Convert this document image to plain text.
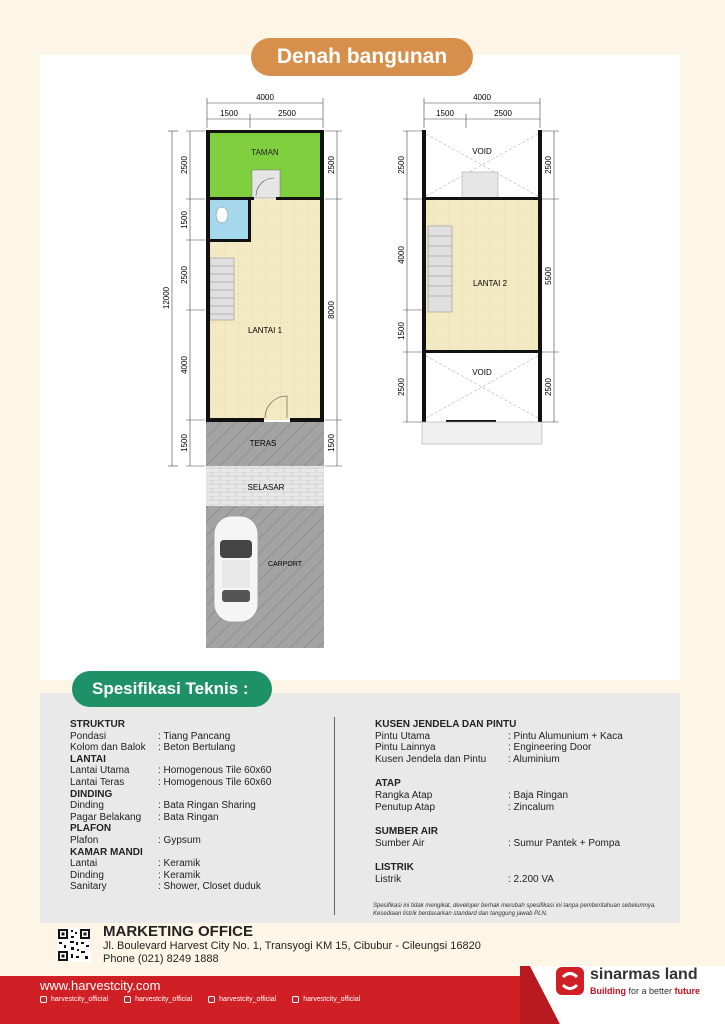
Denah bangunan
4000
1500	2500
2500
1500
2500
4000
1500
12000
2500
8000
1500
TAMAN
LANTAI 1
TERAS
SELASAR
CARPORT
4000
1500	2500
2500
4000
1500
2500
2500
5500
2500
VOID
LANTAI 2
VOID
Spesifikasi Teknis :
STRUKTUR
Pondasi	: Tiang Pancang
Kolom dan Balok	: Beton Bertulang
LANTAI
Lantai Utama	: Homogenous Tile 60x60
Lantai Teras	: Homogenous Tile 60x60
DINDING
Dinding	: Bata Ringan Sharing
Pagar Belakang	: Bata Ringan
PLAFON
Plafon	: Gypsum
KAMAR MANDI
Lantai	: Keramik
Dinding	: Keramik
Sanitary	: Shower, Closet duduk
KUSEN JENDELA DAN PINTU
Pintu Utama	: Pintu Alumunium + Kaca
Pintu Lainnya	: Engineering Door
Kusen Jendela dan Pintu	: Aluminium
ATAP
Rangka Atap	: Baja Ringan
Penutup Atap	: Zincalum
SUMBER AIR
Sumber Air	: Sumur Pantek + Pompa
LISTRIK
Listrik	: 2.200 VA
Spesifikasi ini tidak mengikat, developer berhak merubah spesifikasi ini tanpa pemberitahuan sebelumnya.
Kesediaan listrik berdasarkan standard dan tanggung jawab PLN.
MARKETING OFFICE
Jl. Boulevard Harvest City No. 1, Transyogi KM 15, Cibubur - Cileungsi 16820
Phone (021) 8249 1888
www.harvestcity.com
harvestcity_official	harvestcity_official	harvestcity_official	harvestcity_official
sinarmas land
Building for a better future
